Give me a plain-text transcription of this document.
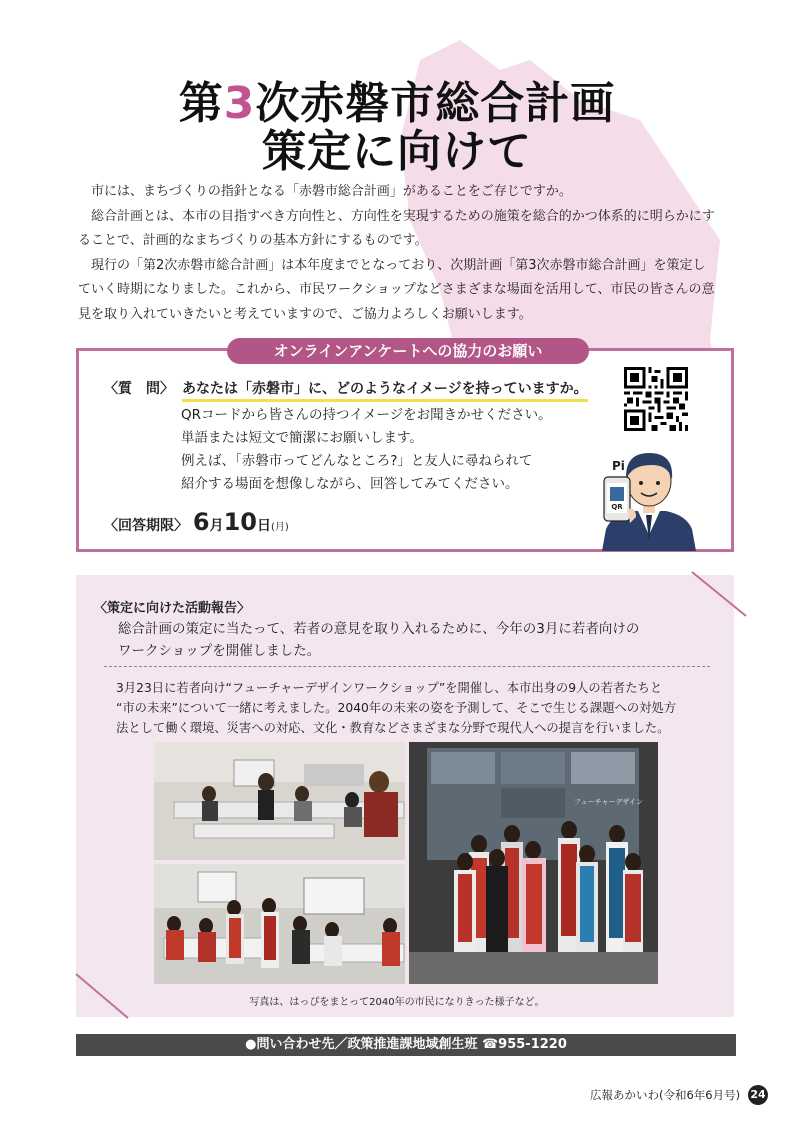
第3次赤磐市総合計画
策定に向けて

市には、まちづくりの指針となる「赤磐市総合計画」があることをご存じですか。

総合計画とは、本市の目指すべき方向性と、方向性を実現するための施策を総合的かつ体系的に明らかにすることで、計画的なまちづくりの基本方針にするものです。

現行の「第2次赤磐市総合計画」は本年度までとなっており、次期計画「第3次赤磐市総合計画」を策定していく時期になりました。これから、市民ワークショップなどさまざまな場面を活用して、市民の皆さんの意見を取り入れていきたいと考えていますので、ご協力よろしくお願いします。

オンラインアンケートへの協力のお願い
〈質　問〉 あなたは「赤磐市」に、どのようなイメージを持っていますか。
QRコードから皆さんの持つイメージをお聞きかせください。
単語または短文で簡潔にお願いします。
例えば、「赤磐市ってどんなところ?」と友人に尋ねられて
紹介する場面を想像しながら、回答してみてください。
〈回答期限〉 6月10日(月)
QR
Pi
〈策定に向けた活動報告〉
総合計画の策定に当たって、若者の意見を取り入れるために、今年の3月に若者向けの
ワークショップを開催しました。
3月23日に若者向け“フューチャーデザインワークショップ”を開催し、本市出身の9人の若者たちと
“市の未来”について一緒に考えました。2040年の未来の姿を予測して、そこで生じる課題への対処方
法として働く環境、災害への対応、文化・教育などさまざまな分野で現代人への提言を行いました。
フューチャーデザイン
写真は、はっぴをまとって2040年の市民になりきった様子など。
●問い合わせ先／政策推進課地域創生班 ☎955-1220
広報あかいわ(令和6年6月号) 24
